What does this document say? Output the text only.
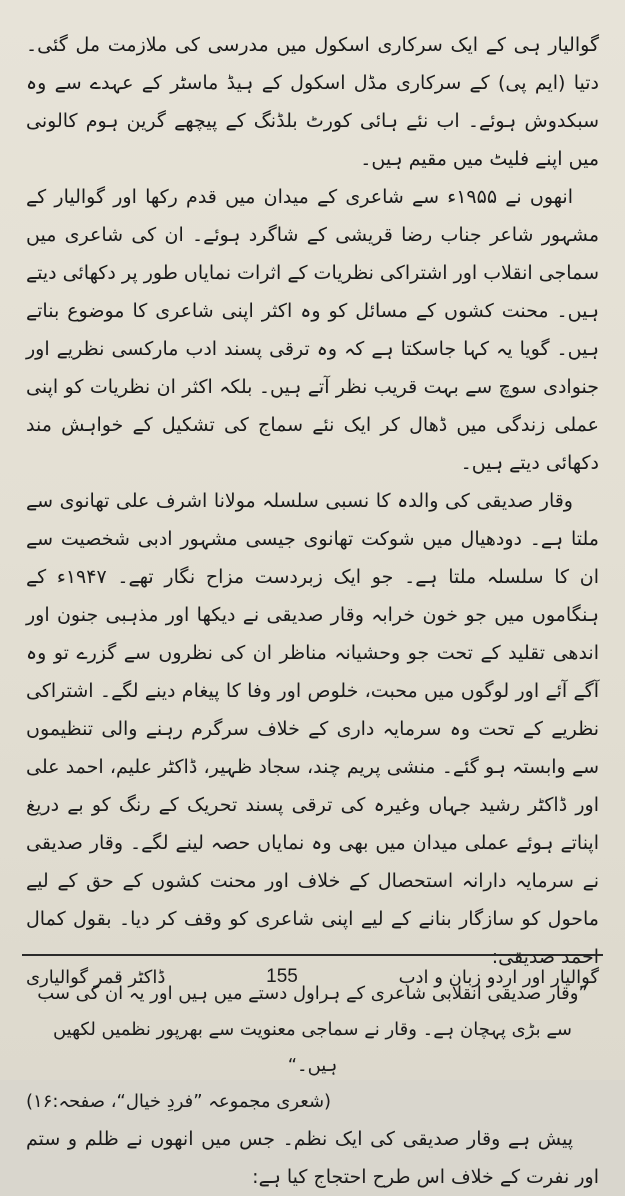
گوالیار ہی کے ایک سرکاری اسکول میں مدرسی کی ملازمت مل گئی۔ دتیا (ایم پی) کے سرکاری مڈل اسکول کے ہیڈ ماسٹر کے عہدے سے وہ سبکدوش ہوئے۔ اب نئے ہائی کورٹ بلڈنگ کے پیچھے گرین ہوم کالونی میں اپنے فلیٹ میں مقیم ہیں۔

انھوں نے ۱۹۵۵ء سے شاعری کے میدان میں قدم رکھا اور گوالیار کے مشہور شاعر جناب رضا قریشی کے شاگرد ہوئے۔ ان کی شاعری میں سماجی انقلاب اور اشتراکی نظریات کے اثرات نمایاں طور پر دکھائی دیتے ہیں۔ محنت کشوں کے مسائل کو وہ اکثر اپنی شاعری کا موضوع بناتے ہیں۔ گویا یہ کہا جاسکتا ہے کہ وہ ترقی پسند ادب مارکسی نظریے اور جنوادی سوچ سے بہت قریب نظر آتے ہیں۔ بلکہ اکثر ان نظریات کو اپنی عملی زندگی میں ڈھال کر ایک نئے سماج کی تشکیل کے خواہش مند دکھائی دیتے ہیں۔

وقار صدیقی کی والدہ کا نسبی سلسلہ مولانا اشرف علی تھانوی سے ملتا ہے۔ دودھیال میں شوکت تھانوی جیسی مشہور ادبی شخصیت سے ان کا سلسلہ ملتا ہے۔ جو ایک زبردست مزاح نگار تھے۔ ۱۹۴۷ء کے ہنگاموں میں جو خون خرابہ وقار صدیقی نے دیکھا اور مذہبی جنون اور اندھی تقلید کے تحت جو وحشیانہ مناظر ان کی نظروں سے گزرے تو وہ آگے آئے اور لوگوں میں محبت، خلوص اور وفا کا پیغام دینے لگے۔ اشتراکی نظریے کے تحت وہ سرمایہ داری کے خلاف سرگرم رہنے والی تنظیموں سے وابستہ ہو گئے۔ منشی پریم چند، سجاد ظہیر، ڈاکٹر علیم، احمد علی اور ڈاکٹر رشید جہاں وغیرہ کی ترقی پسند تحریک کے رنگ کو بے دریغ اپناتے ہوئے عملی میدان میں بھی وہ نمایاں حصہ لینے لگے۔ وقار صدیقی نے سرمایہ دارانہ استحصال کے خلاف اور محنت کشوں کے حق کے لیے ماحول کو سازگار بنانے کے لیے اپنی شاعری کو وقف کر دیا۔ بقول کمال احمد صدیقی:

”وقار صدیقی انقلابی شاعری کے ہراول دستے میں ہیں اور یہ ان کی سب سے بڑی پہچان ہے۔ وقار نے سماجی معنویت سے بھرپور نظمیں لکھیں ہیں۔“

(شعری مجموعہ ”فردِ خیال“، صفحہ:۱۶)

پیش ہے وقار صدیقی کی ایک نظم۔ جس میں انھوں نے ظلم و ستم اور نفرت کے خلاف اس طرح احتجاج کیا ہے:

ڈاکٹر قمر گوالیاری	155	گوالیار اور اردو زبان و ادب
